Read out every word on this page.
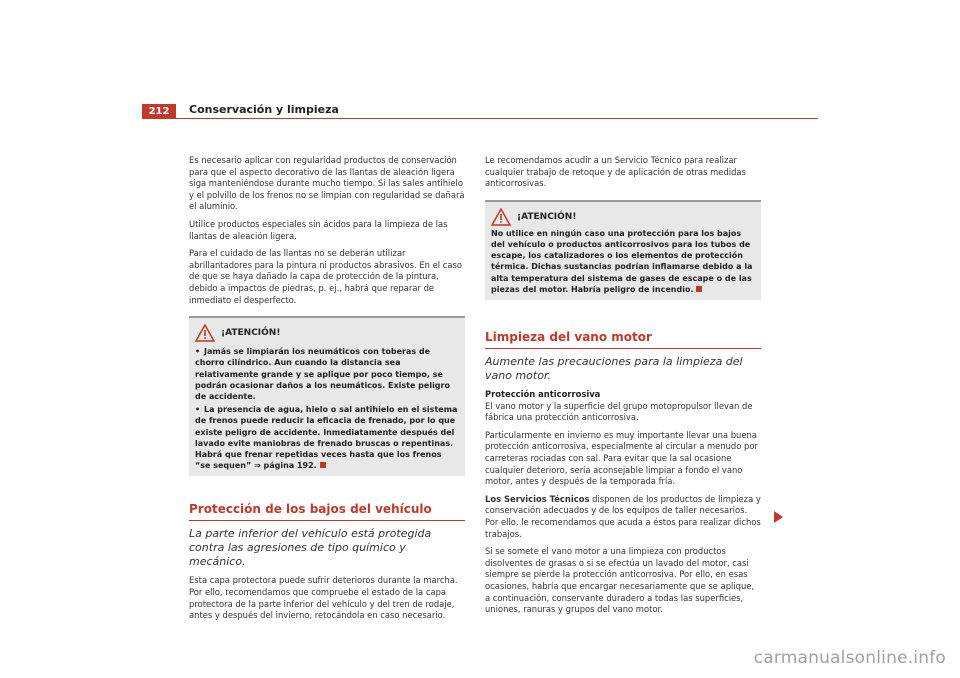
212	Conservación y limpieza

Es necesario aplicar con regularidad productos de conservación para que el aspecto decorativo de las llantas de aleación ligera siga manteniéndose durante mucho tiempo. Si las sales antihielo y el polvillo de los frenos no se limpian con regularidad se dañará el aluminio.

Utilice productos especiales sin ácidos para la limpieza de las llantas de aleación ligera.

Para el cuidado de las llantas no se deberán utilizar abrillantadores para la pintura ni productos abrasivos. En el caso de que se haya dañado la capa de protección de la pintura, debido a impactos de piedras, p. ej., habrá que reparar de inmediato el desperfecto.

¡ATENCIÓN!
• Jamás se limpiarán los neumáticos con toberas de chorro cilíndrico. Aun cuando la distancia sea relativamente grande y se aplique por poco tiempo, se podrán ocasionar daños a los neumáticos. Existe peligro de accidente.
• La presencia de agua, hielo o sal antihielo en el sistema de frenos puede reducir la eficacia de frenado, por lo que existe peligro de accidente. Inmediatamente después del lavado evite maniobras de frenado bruscas o repentinas. Habrá que frenar repetidas veces hasta que los frenos “se sequen” ⇒ página 192.
Protección de los bajos del vehículo
La parte inferior del vehículo está protegida contra las agresiones de tipo químico y mecánico.

Esta capa protectora puede sufrir deterioros durante la marcha. Por ello, recomendamos que compruebe el estado de la capa protectora de la parte inferior del vehículo y del tren de rodaje, antes y después del invierno, retocándola en caso necesario.

Le recomendamos acudir a un Servicio Técnico para realizar cualquier trabajo de retoque y de aplicación de otras medidas anticorrosivas.

¡ATENCIÓN!
No utilice en ningún caso una protección para los bajos del vehículo o productos anticorrosivos para los tubos de escape, los catalizadores o los elementos de protección térmica. Dichas sustancias podrían inflamarse debido a la alta temperatura del sistema de gases de escape o de las piezas del motor. Habría peligro de incendio.
Limpieza del vano motor
Aumente las precauciones para la limpieza del vano motor.
Protección anticorrosiva

El vano motor y la superficie del grupo motopropulsor llevan de fábrica una protección anticorrosiva.

Particularmente en invierno es muy importante llevar una buena protección anticorrosiva, especialmente al circular a menudo por carreteras rociadas con sal. Para evitar que la sal ocasione cualquier deterioro, sería aconsejable limpiar a fondo el vano motor, antes y después de la temporada fría.

Los Servicios Técnicos disponen de los productos de limpieza y conservación adecuados y de los equipos de taller necesarios. Por ello, le recomendamos que acuda a éstos para realizar dichos trabajos.

Si se somete el vano motor a una limpieza con productos disolventes de grasas o si se efectúa un lavado del motor, casi siempre se pierde la protección anticorrosiva. Por ello, en esas ocasiones, habría que encargar necesariamente que se aplique, a continuación, conservante duradero a todas las superficies, uniones, ranuras y grupos del vano motor.

carmanualsonline.info
